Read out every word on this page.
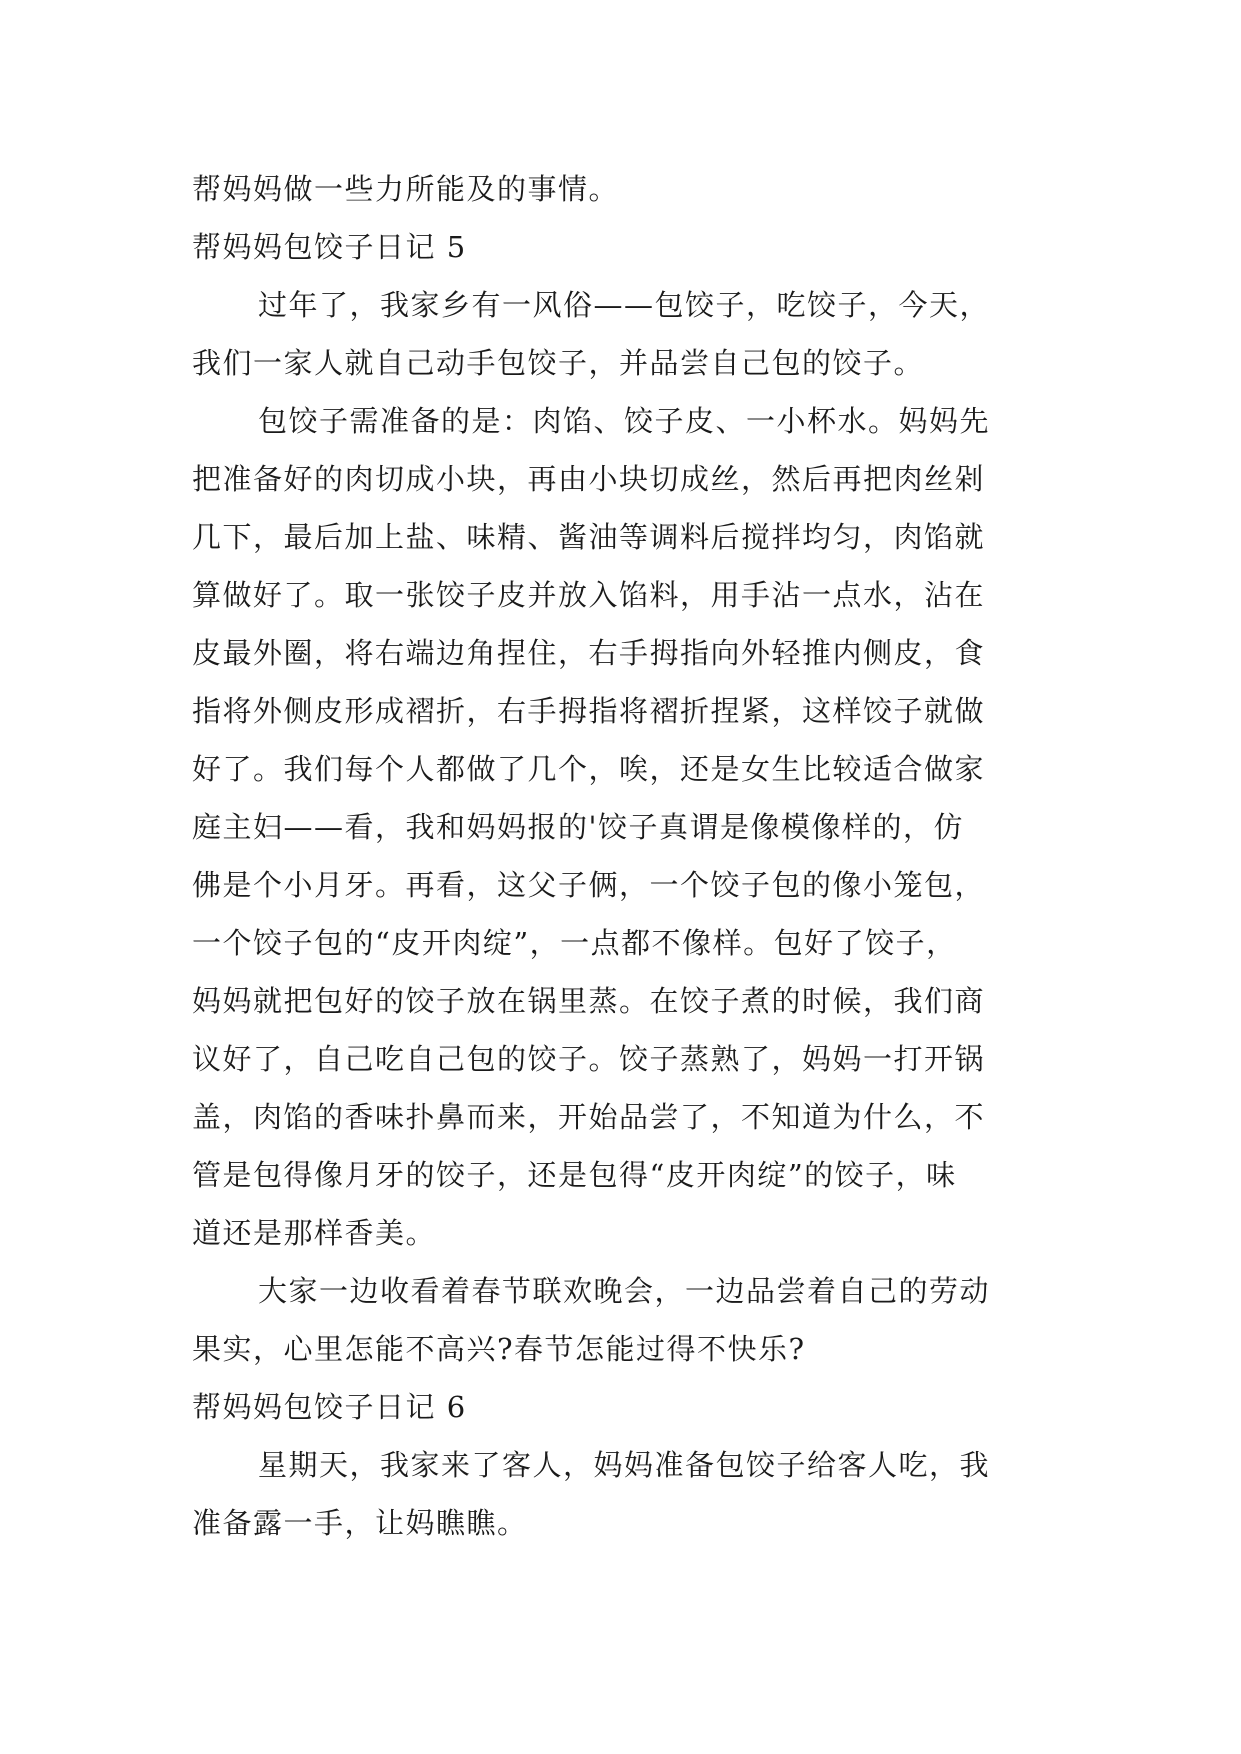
帮妈妈做一些力所能及的事情。
帮妈妈包饺子日记 5
过年了，我家乡有一风俗——包饺子，吃饺子，今天，
我们一家人就自己动手包饺子，并品尝自己包的饺子。
包饺子需准备的是：肉馅、饺子皮、一小杯水。妈妈先
把准备好的肉切成小块，再由小块切成丝，然后再把肉丝剁
几下，最后加上盐、味精、酱油等调料后搅拌均匀，肉馅就
算做好了。取一张饺子皮并放入馅料，用手沾一点水，沾在
皮最外圈，将右端边角捏住，右手拇指向外轻推内侧皮，食
指将外侧皮形成褶折，右手拇指将褶折捏紧，这样饺子就做
好了。我们每个人都做了几个，唉，还是女生比较适合做家
庭主妇——看，我和妈妈报的'饺子真谓是像模像样的，仿
佛是个小月牙。再看，这父子俩，一个饺子包的像小笼包，
一个饺子包的“皮开肉绽”，一点都不像样。包好了饺子，
妈妈就把包好的饺子放在锅里蒸。在饺子煮的时候，我们商
议好了，自己吃自己包的饺子。饺子蒸熟了，妈妈一打开锅
盖，肉馅的香味扑鼻而来，开始品尝了，不知道为什么，不
管是包得像月牙的饺子，还是包得“皮开肉绽”的饺子，味
道还是那样香美。
大家一边收看着春节联欢晚会，一边品尝着自己的劳动
果实，心里怎能不高兴?春节怎能过得不快乐?
帮妈妈包饺子日记 6
星期天，我家来了客人，妈妈准备包饺子给客人吃，我
准备露一手，让妈瞧瞧。
